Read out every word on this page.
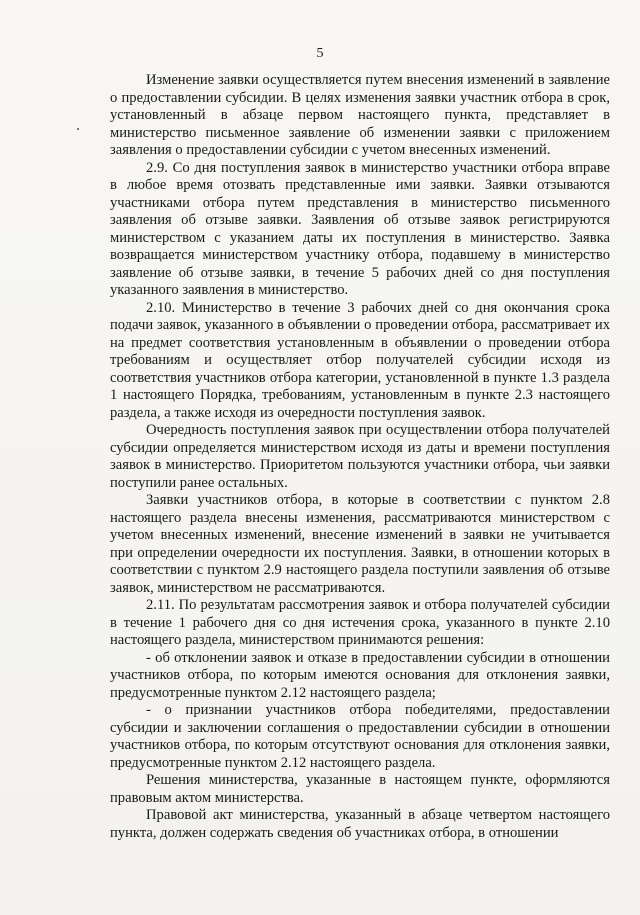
5

Изменение заявки осуществляется путем внесения изменений в заявление о предоставлении субсидии. В целях изменения заявки участник отбора в срок, установленный в абзаце первом настоящего пункта, представляет в министерство письменное заявление об изменении заявки с приложением заявления о предоставлении субсидии с учетом внесенных изменений.

2.9. Со дня поступления заявок в министерство участники отбора вправе в любое время отозвать представленные ими заявки. Заявки отзываются участниками отбора путем представления в министерство письменного заявления об отзыве заявки. Заявления об отзыве заявок регистрируются министерством с указанием даты их поступления в министерство. Заявка возвращается министерством участнику отбора, подавшему в министерство заявление об отзыве заявки, в течение 5 рабочих дней со дня поступления указанного заявления в министерство.

2.10. Министерство в течение 3 рабочих дней со дня окончания срока подачи заявок, указанного в объявлении о проведении отбора, рассматривает их на предмет соответствия установленным в объявлении о проведении отбора требованиям и осуществляет отбор получателей субсидии исходя из соответствия участников отбора категории, установленной в пункте 1.3 раздела 1 настоящего Порядка, требованиям, установленным в пункте 2.3 настоящего раздела, а также исходя из очередности поступления заявок.

Очередность поступления заявок при осуществлении отбора получателей субсидии определяется министерством исходя из даты и времени поступления заявок в министерство. Приоритетом пользуются участники отбора, чьи заявки поступили ранее остальных.

Заявки участников отбора, в которые в соответствии с пунктом 2.8 настоящего раздела внесены изменения, рассматриваются министерством с учетом внесенных изменений, внесение изменений в заявки не учитывается при определении очередности их поступления. Заявки, в отношении которых в соответствии с пунктом 2.9 настоящего раздела поступили заявления об отзыве заявок, министерством не рассматриваются.

2.11. По результатам рассмотрения заявок и отбора получателей субсидии в течение 1 рабочего дня со дня истечения срока, указанного в пункте 2.10 настоящего раздела, министерством принимаются решения:

- об отклонении заявок и отказе в предоставлении субсидии в отношении участников отбора, по которым имеются основания для отклонения заявки, предусмотренные пунктом 2.12 настоящего раздела;

- о признании участников отбора победителями, предоставлении субсидии и заключении соглашения о предоставлении субсидии в отношении участников отбора, по которым отсутствуют основания для отклонения заявки, предусмотренные пунктом 2.12 настоящего раздела.

Решения министерства, указанные в настоящем пункте, оформляются правовым актом министерства.

Правовой акт министерства, указанный в абзаце четвертом настоящего пункта, должен содержать сведения об участниках отбора, в отношении
